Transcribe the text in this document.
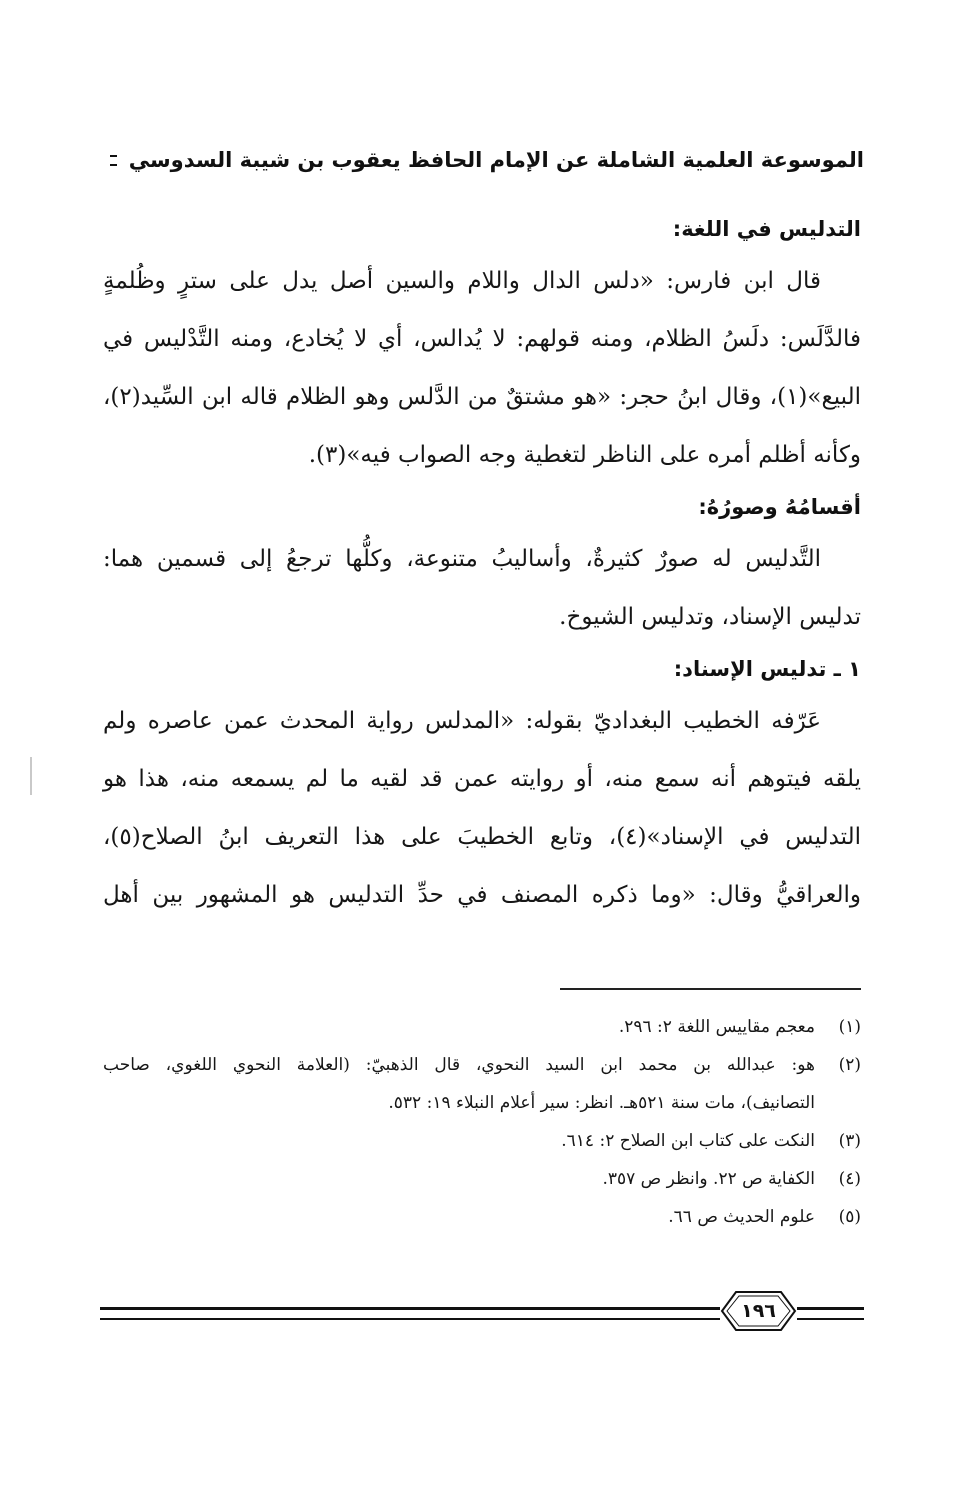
الموسوعة العلمية الشاملة عن الإمام الحافظ يعقوب بن شيبة السدوسي
التدليس في اللغة:

قال ابن فارس: «دلس الدال واللام والسين أصل يدل على سترٍ وظُلمةٍ فالدَّلَس: دلَسُ الظلام، ومنه قولهم: لا يُدالس، أي لا يُخادع، ومنه التَّدْليس في البيع»(١)، وقال ابنُ حجر: «هو مشتقٌ من الدَّلس وهو الظلام قاله ابن السِّيد(٢)، وكأنه أظلم أمره على الناظر لتغطية وجه الصواب فيه»(٣).

أقسامُهُ وصورُهُ:

التَّدليس له صورٌ كثيرةٌ، وأساليبُ متنوعة، وكلُّها ترجعُ إلى قسمين هما: تدليس الإسناد، وتدليس الشيوخ.

١ ـ تدليس الإسناد:

عَرّفه الخطيب البغداديّ بقوله: «المدلس رواية المحدث عمن عاصره ولم يلقه فيتوهم أنه سمع منه، أو روايته عمن قد لقيه ما لم يسمعه منه، هذا هو التدليس في الإسناد»(٤)، وتابع الخطيبَ على هذا التعريف ابنُ الصلاح(٥)، والعراقيُّ وقال: «وما ذكره المصنف في حدِّ التدليس هو المشهور بين أهل

(١)
معجم مقاييس اللغة ٢: ٢٩٦.
(٢)
هو: عبدالله بن محمد ابن السيد النحوي، قال الذهبيّ: (العلامة النحوي اللغوي، صاحب
التصانيف)، مات سنة ٥٢١هـ. انظر: سير أعلام النبلاء ١٩: ٥٣٢.
(٣)
النكت على كتاب ابن الصلاح ٢: ٦١٤.
(٤)
الكفاية ص ٢٢. وانظر ص ٣٥٧.
(٥)
علوم الحديث ص ٦٦.
١٩٦
